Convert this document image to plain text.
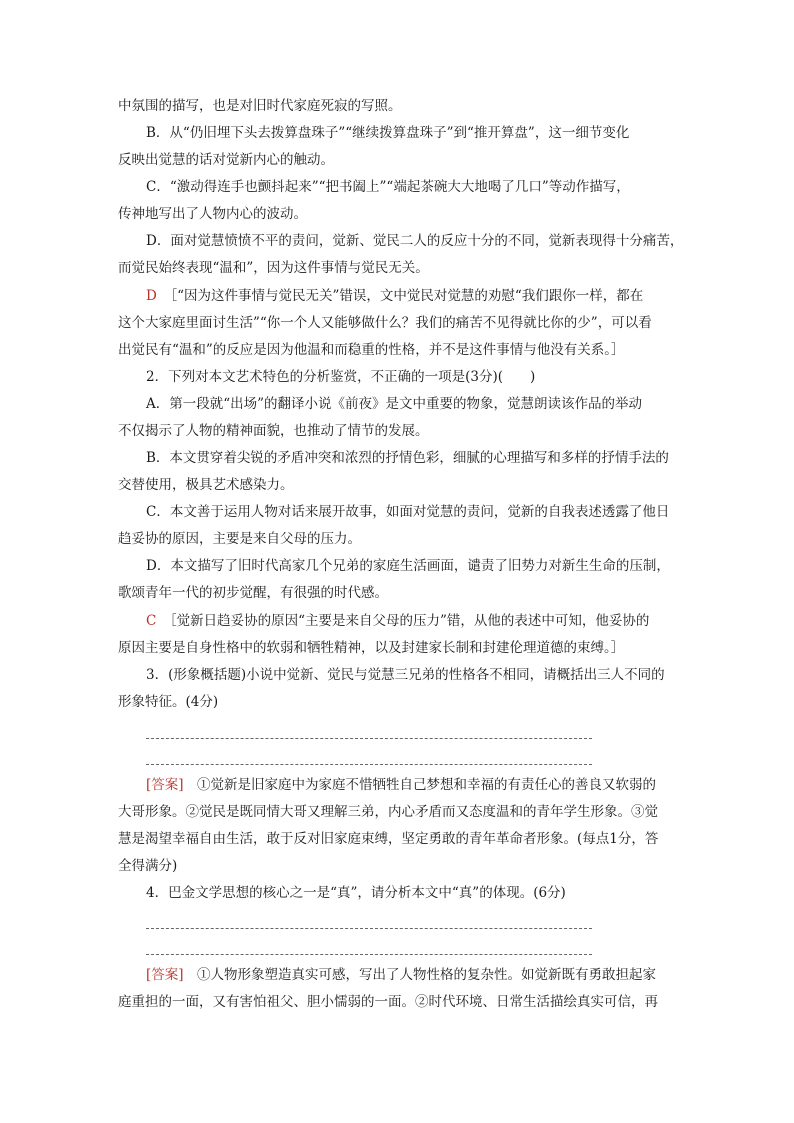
中氛围的描写，也是对旧时代家庭死寂的写照。
B．从“仍旧埋下头去拨算盘珠子”“继续拨算盘珠子”到“推开算盘”，这一细节变化
反映出觉慧的话对觉新内心的触动。
C．“激动得连手也颤抖起来”“把书阖上”“端起茶碗大大地喝了几口”等动作描写，
传神地写出了人物内心的波动。
D．面对觉慧愤愤不平的责问，觉新、觉民二人的反应十分的不同，觉新表现得十分痛苦，
而觉民始终表现“温和”，因为这件事情与觉民无关。
D  ［“因为这件事情与觉民无关”错误，文中觉民对觉慧的劝慰“我们跟你一样，都在
这个大家庭里面讨生活”“你一个人又能够做什么？我们的痛苦不见得就比你的少”，可以看
出觉民有“温和”的反应是因为他温和而稳重的性格，并不是这件事情与他没有关系。］
2．下列对本文艺术特色的分析鉴赏，不正确的一项是(3分)(　　)
A．第一段就“出场”的翻译小说《前夜》是文中重要的物象，觉慧朗读该作品的举动
不仅揭示了人物的精神面貌，也推动了情节的发展。
B．本文贯穿着尖锐的矛盾冲突和浓烈的抒情色彩，细腻的心理描写和多样的抒情手法的
交替使用，极具艺术感染力。
C．本文善于运用人物对话来展开故事，如面对觉慧的责问，觉新的自我表述透露了他日
趋妥协的原因，主要是来自父母的压力。
D．本文描写了旧时代高家几个兄弟的家庭生活画面，谴责了旧势力对新生生命的压制，
歌颂青年一代的初步觉醒，有很强的时代感。
C  ［觉新日趋妥协的原因“主要是来自父母的压力”错，从他的表述中可知，他妥协的
原因主要是自身性格中的软弱和牺牲精神，以及封建家长制和封建伦理道德的束缚。］
3．(形象概括题)小说中觉新、觉民与觉慧三兄弟的性格各不相同，请概括出三人不同的
形象特征。(4分)
[答案]  ①觉新是旧家庭中为家庭不惜牺牲自己梦想和幸福的有责任心的善良又软弱的
大哥形象。②觉民是既同情大哥又理解三弟，内心矛盾而又态度温和的青年学生形象。③觉
慧是渴望幸福自由生活，敢于反对旧家庭束缚，坚定勇敢的青年革命者形象。(每点1分，答
全得满分)
4．巴金文学思想的核心之一是“真”，请分析本文中“真”的体现。(6分)
[答案]  ①人物形象塑造真实可感，写出了人物性格的复杂性。如觉新既有勇敢担起家
庭重担的一面，又有害怕祖父、胆小懦弱的一面。②时代环境、日常生活描绘真实可信，再
